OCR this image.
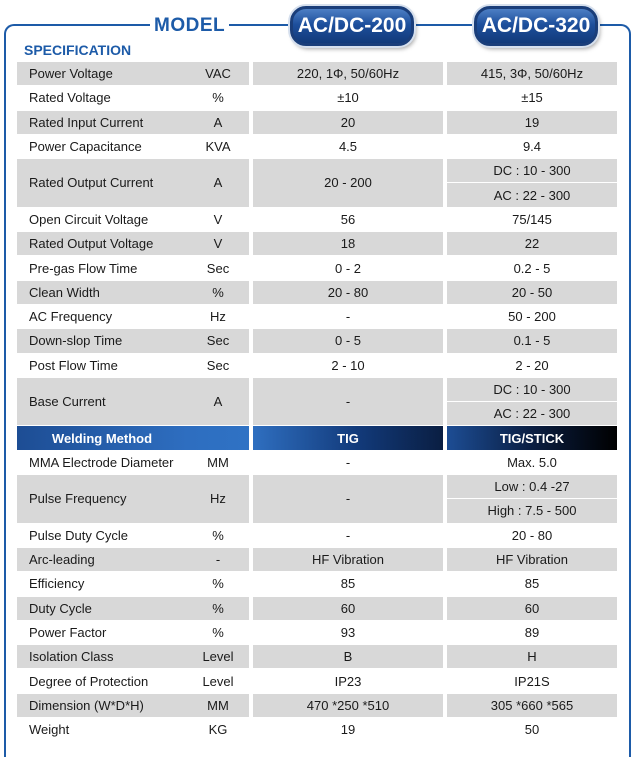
MODEL
SPECIFICATION
AC/DC-200	AC/DC-320
Power Voltage	VAC		220, 1Φ, 50/60Hz		415, 3Φ, 50/60Hz
Rated Voltage	%		±10		±15
Rated Input Current	A		20		19
Power Capacitance	KVA		4.5		9.4
Rated Output Current	A		20 - 200		DC : 10 - 300
AC : 22 - 300

Open Circuit Voltage	V		56		75/145
Rated Output Voltage	V		18		22
Pre-gas Flow Time	Sec		0 - 2		0.2 - 5
Clean Width	%		20 - 80		20 - 50
AC Frequency	Hz		-		50 - 200
Down-slop Time	Sec		0 - 5		0.1 - 5
Post Flow Time	Sec		2 - 10		2 - 20
Base Current	A		-		DC : 10 - 300
AC : 22 - 300

Welding Method			TIG		TIG/STICK
MMA Electrode Diameter	MM		-		Max. 5.0
Pulse Frequency	Hz		-		Low : 0.4 -27
High : 7.5 - 500

Pulse Duty Cycle	%		-		20 - 80
Arc-leading	-		HF Vibration		HF Vibration
Efficiency	%		85		85
Duty Cycle	%		60		60
Power Factor	%		93		89
Isolation Class	Level		B		H
Degree of Protection	Level		IP23		IP21S
Dimension (W*D*H)	MM		470 *250 *510		305 *660 *565
Weight	KG		19		50
